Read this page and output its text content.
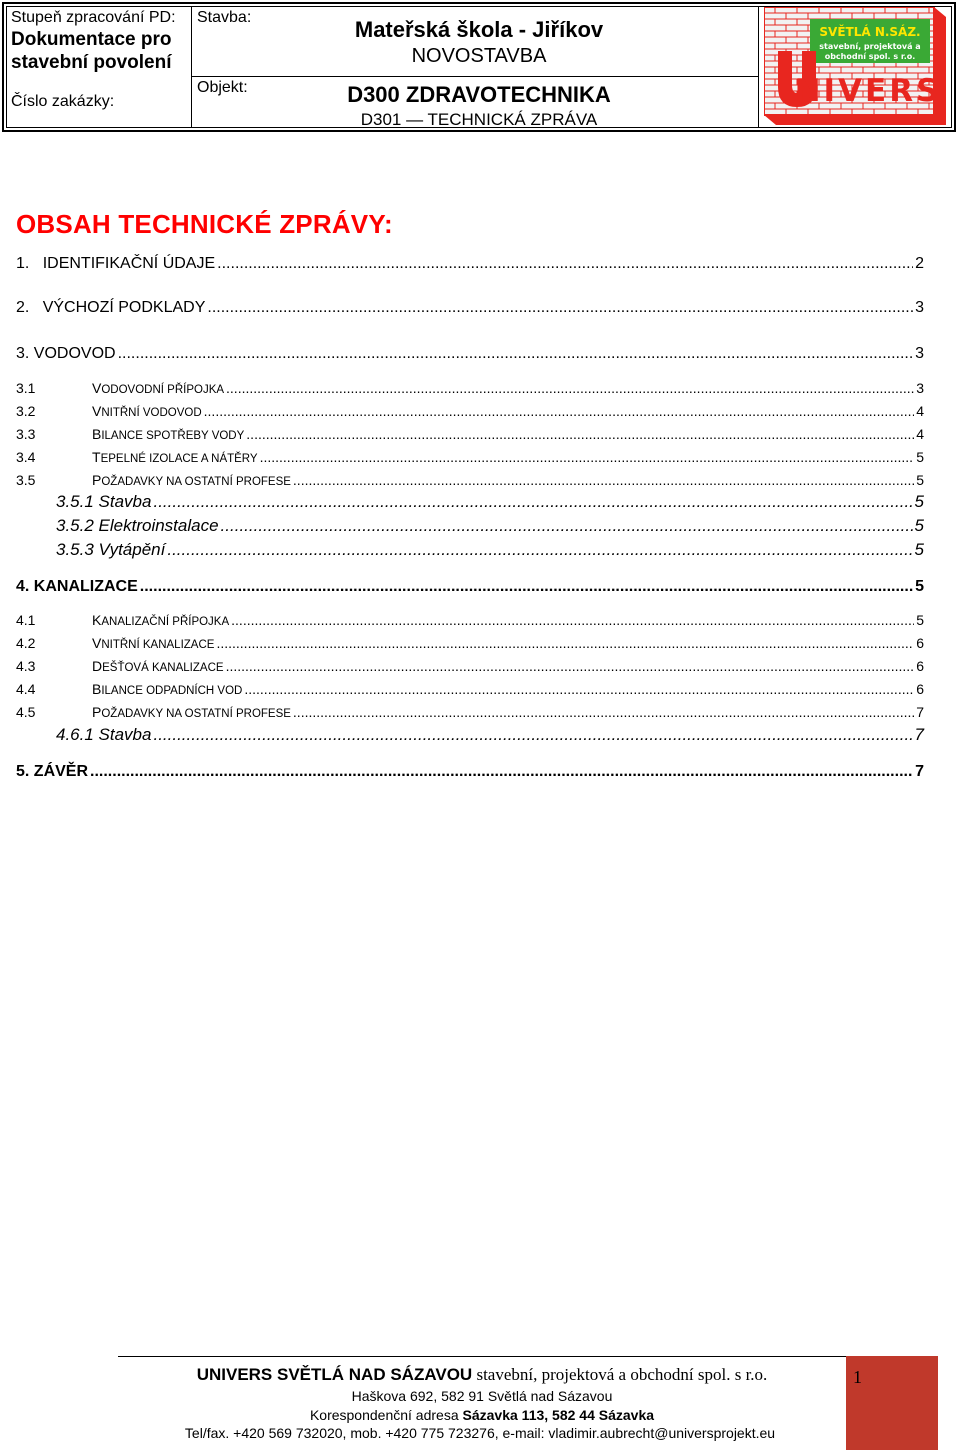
Stupeň zpracování PD:
Dokumentace pro
stavební povolení
Číslo zakázky:
Stavba:
Objekt:
Mateřská škola - Jiříkov
NOVOSTAVBA
D300 ZDRAVOTECHNIKA
D301 — TECHNICKÁ ZPRÁVA
SVĚTLÁ N.SÁZ.
stavební, projektová a
obchodní spol. s r.o.
NIVERS
OBSAH TECHNICKÉ ZPRÁVY:
1. IDENTIFIKAČNÍ ÚDAJE .....	2
2. VÝCHOZÍ PODKLADY .....	3
3. VODOVOD .....	3
3.1	VODOVODNÍ PŘÍPOJKA .....	3
3.2	VNITŘNÍ VODOVOD .....	4
3.3	BILANCE SPOTŘEBY VODY .....	4
3.4	TEPELNÉ IZOLACE A NÁTĚRY .....	5
3.5	POŽADAVKY NA OSTATNÍ PROFESE .....	5
3.5.1 Stavba .....	5
3.5.2 Elektroinstalace .....	5
3.5.3 Vytápění .....	5
4. KANALIZACE .....	5
4.1	KANALIZAČNÍ PŘÍPOJKA .....	5
4.2	VNITŘNÍ KANALIZACE .....	6
4.3	DEŠŤOVÁ KANALIZACE .....	6
4.4	BILANCE ODPADNÍCH VOD .....	6
4.5	POŽADAVKY NA OSTATNÍ PROFESE .....	7
4.6.1 Stavba .....	7
5. ZÁVĚR .....	7
1
UNIVERS SVĚTLÁ NAD SÁZAVOU stavební, projektová a obchodní spol. s r.o.
Haškova 692, 582 91 Světlá nad Sázavou
Korespondenční adresa Sázavka 113, 582 44 Sázavka
Tel/fax. +420 569 732020, mob. +420 775 723276, e-mail: vladimir.aubrecht@universprojekt.eu
